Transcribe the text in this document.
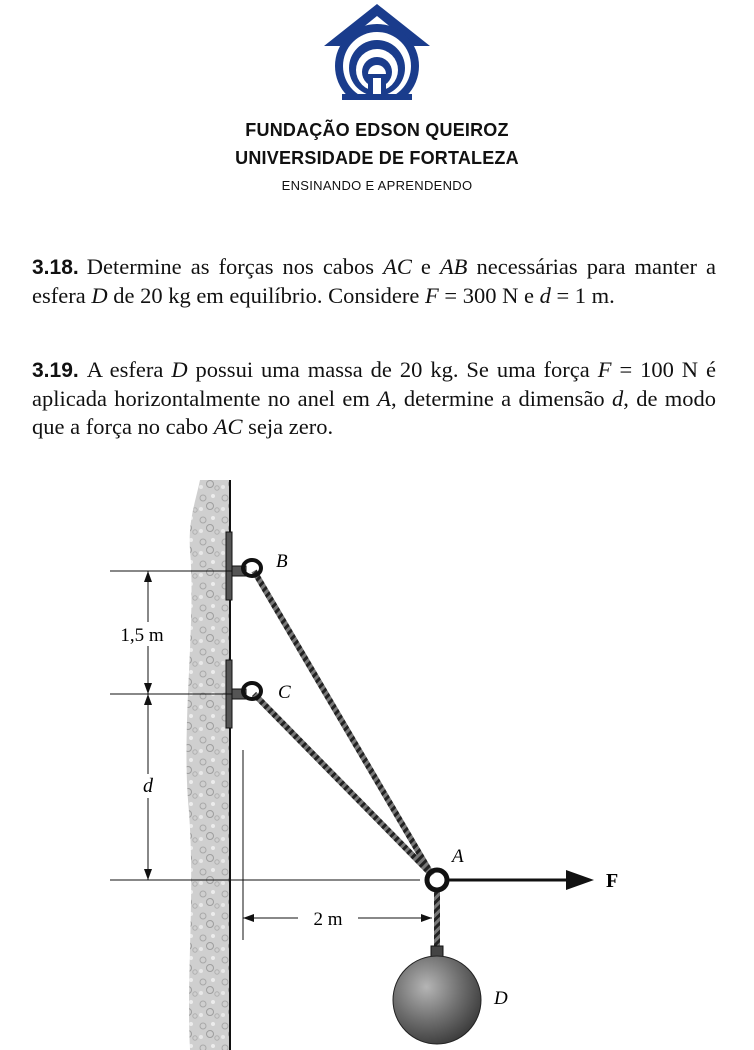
FUNDAÇÃO EDSON QUEIROZ
UNIVERSIDADE DE FORTALEZA
ENSINANDO E APRENDENDO
3.18. Determine as forças nos cabos AC e AB necessárias para manter a esfera D de 20 kg em equilíbrio. Considere F = 300 N e d = 1 m.
3.19. A esfera D possui uma massa de 20 kg. Se uma força F = 100 N é aplicada horizontalmente no anel em A, determine a dimensão d, de modo que a força no cabo AC seja zero.
1,5 m
d
2 m
F
B
C
A
D
